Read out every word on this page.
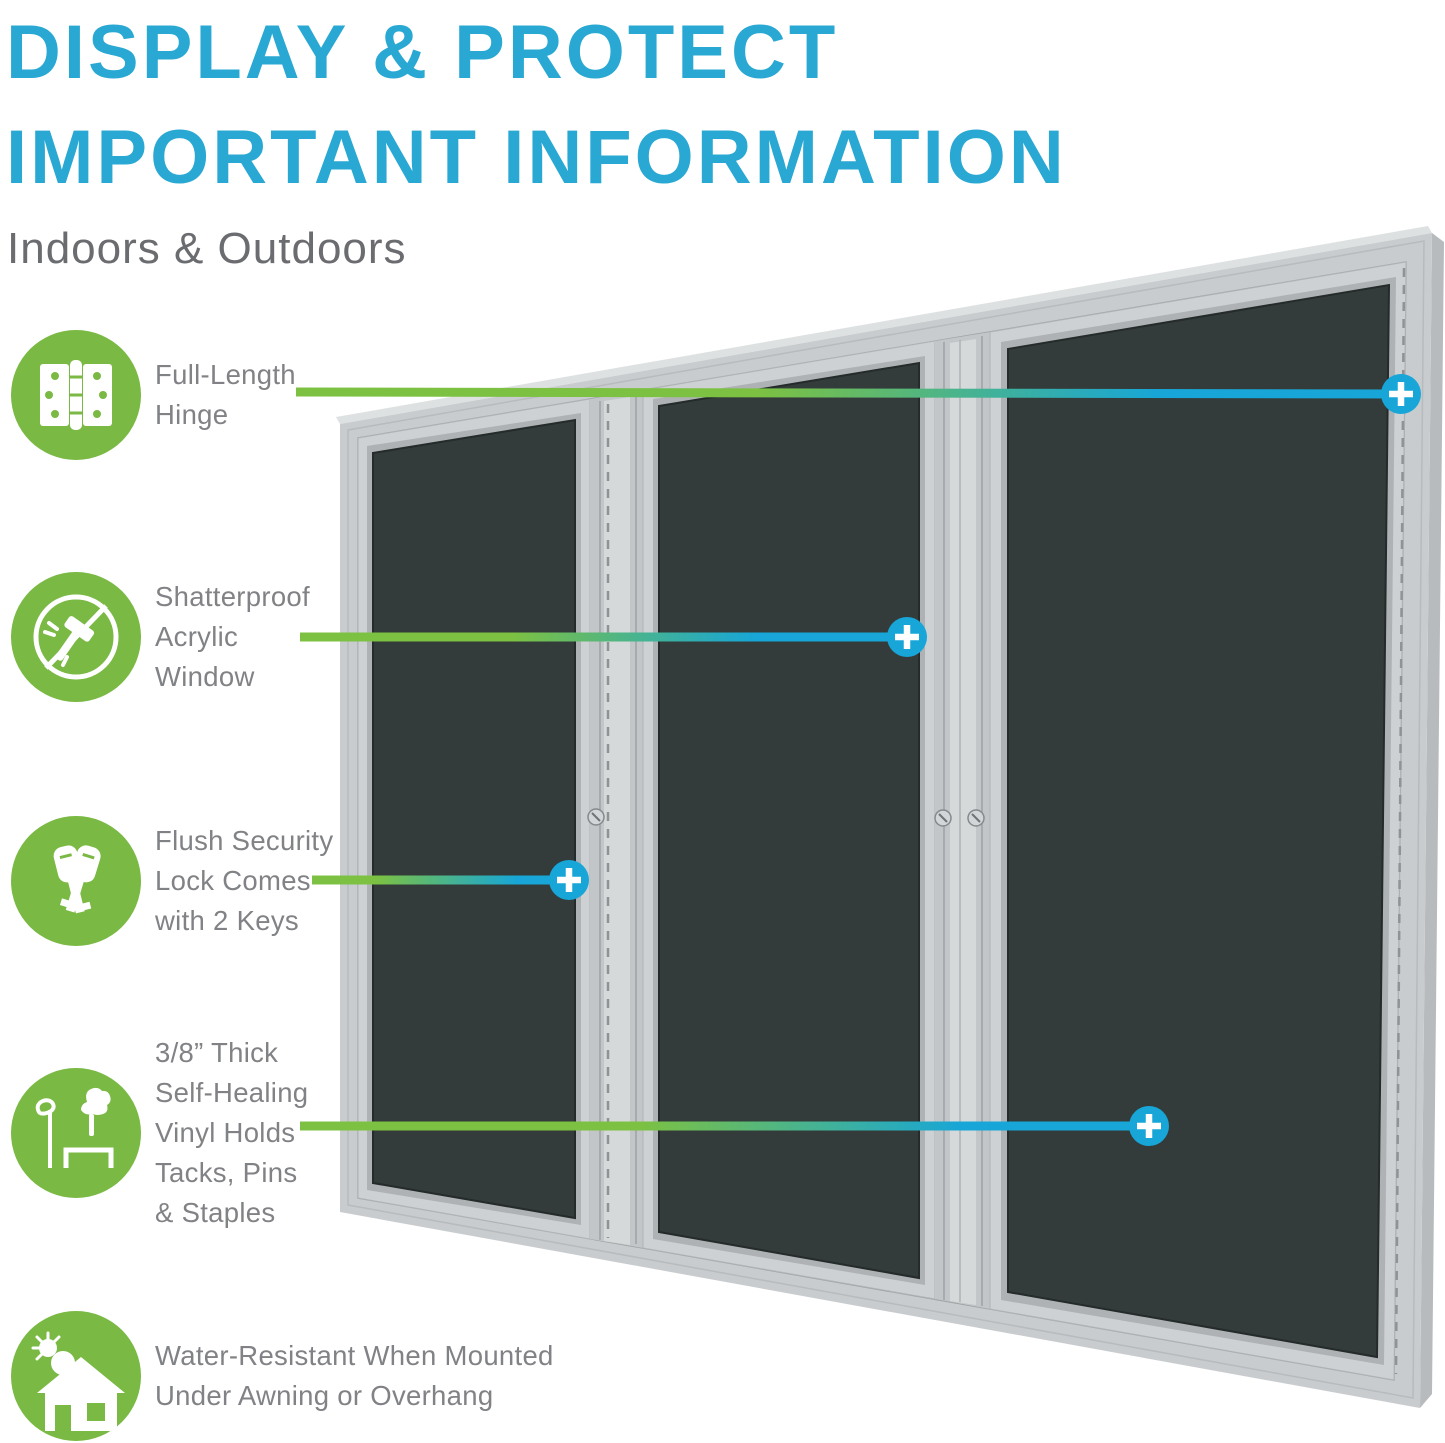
DISPLAY & PROTECT
IMPORTANT INFORMATION

Indoors & Outdoors

Full-Length
Hinge
Shatterproof
Acrylic
Window
Flush Security
Lock Comes
with 2 Keys
3/8” Thick
Self-Healing
Vinyl Holds
Tacks, Pins
& Staples
Water-Resistant When Mounted
Under Awning or Overhang
